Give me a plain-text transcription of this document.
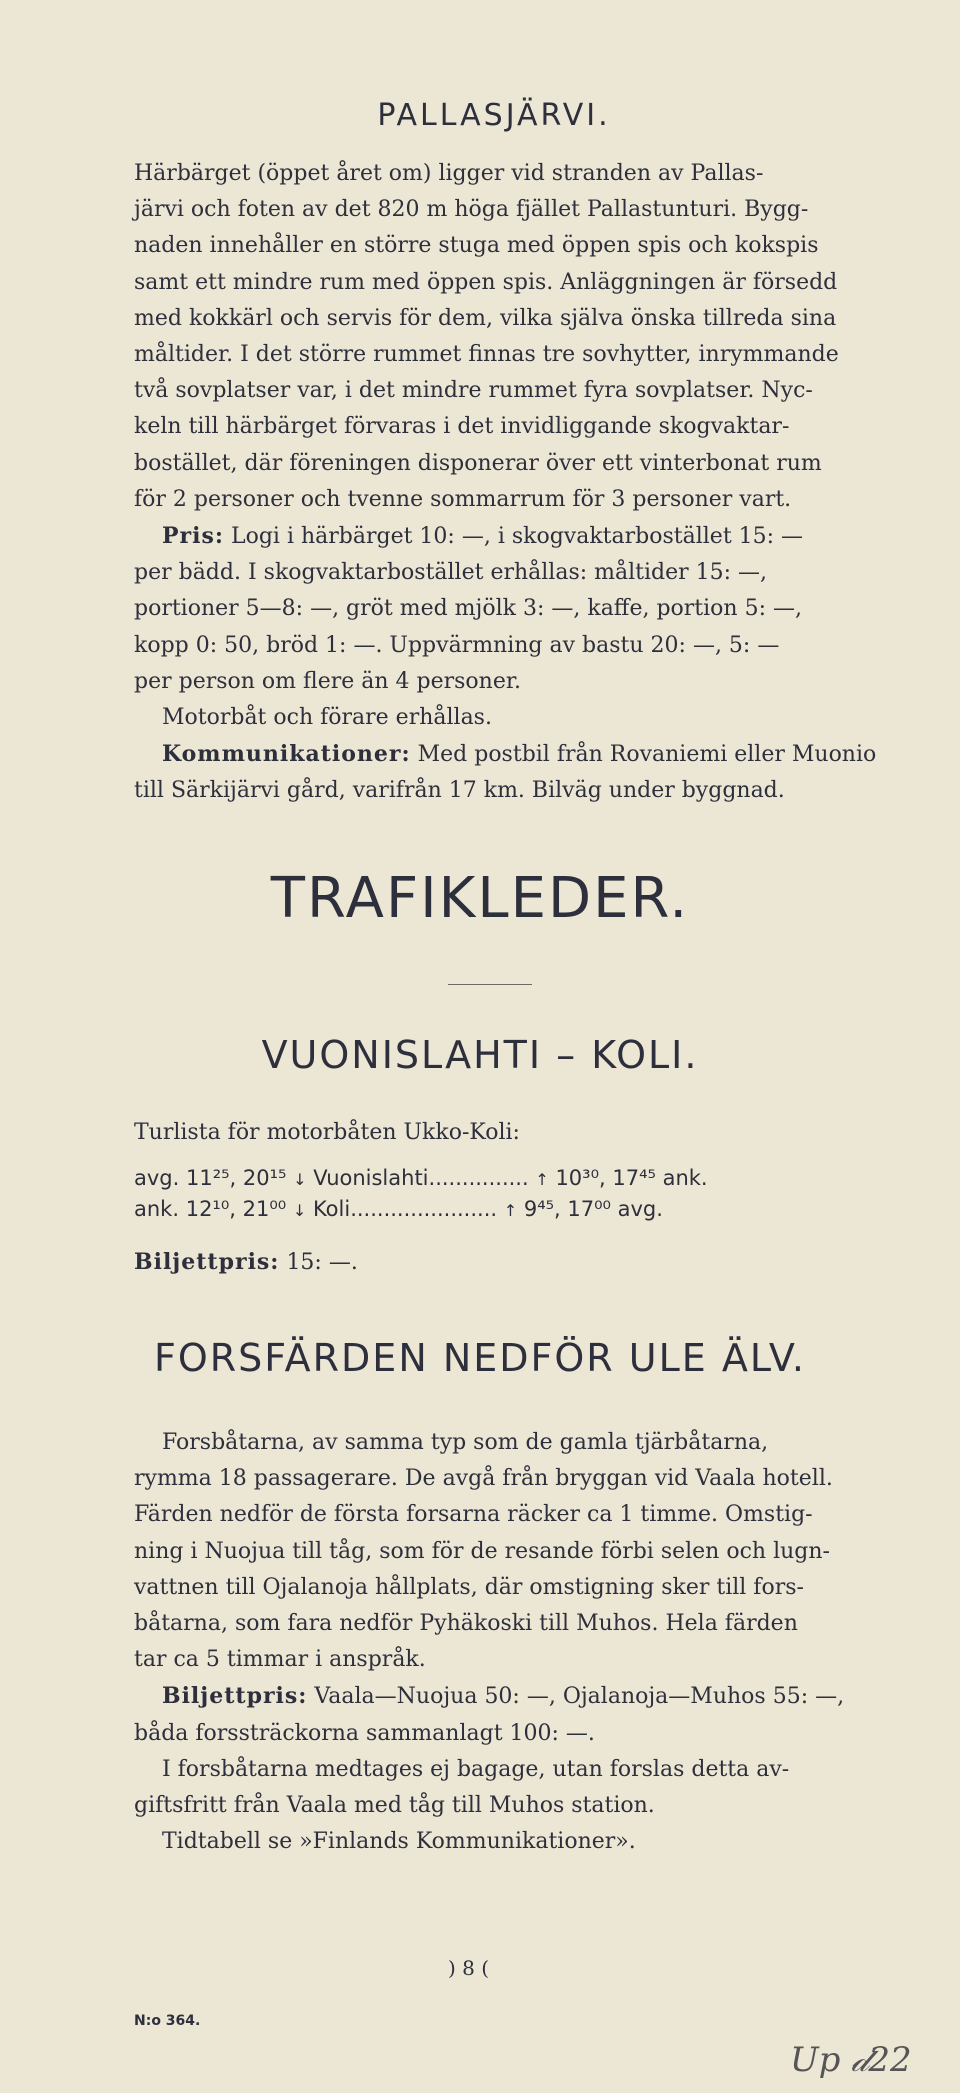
PALLASJÄRVI.
Härbärget (öppet året om) ligger vid stranden av Pallas-
järvi och foten av det 820 m höga fjället Pallastunturi. Bygg-
naden innehåller en större stuga med öppen spis och kokspis
samt ett mindre rum med öppen spis. Anläggningen är försedd
med kokkärl och servis för dem, vilka själva önska tillreda sina
måltider. I det större rummet finnas tre sovhytter, inrymmande
två sovplatser var, i det mindre rummet fyra sovplatser. Nyc-
keln till härbärget förvaras i det invidliggande skogvaktar-
bostället, där föreningen disponerar över ett vinterbonat rum
för 2 personer och tvenne sommarrum för 3 personer vart.
Pris: Logi i härbärget 10: —, i skogvaktarbostället 15: —
per bädd. I skogvaktarbostället erhållas: måltider 15: —,
portioner 5—8: —, gröt med mjölk 3: —, kaffe, portion 5: —,
kopp 0: 50, bröd 1: —. Uppvärmning av bastu 20: —, 5: —
per person om flere än 4 personer.
Motorbåt och förare erhållas.
Kommunikationer: Med postbil från Rovaniemi eller Muonio
till Särkijärvi gård, varifrån 17 km. Bilväg under byggnad.
TRAFIKLEDER.
VUONISLAHTI – KOLI.
Turlista för motorbåten Ukko-Koli:
avg. 11²⁵, 20¹⁵ ↓ Vuonislahti............... ↑ 10³⁰, 17⁴⁵ ank.
ank. 12¹⁰, 21⁰⁰ ↓ Koli...................... ↑ 9⁴⁵, 17⁰⁰ avg.
Biljettpris: 15: —.
FORSFÄRDEN NEDFÖR ULE ÄLV.
Forsbåtarna, av samma typ som de gamla tjärbåtarna,
rymma 18 passagerare. De avgå från bryggan vid Vaala hotell.
Färden nedför de första forsarna räcker ca 1 timme. Omstig-
ning i Nuojua till tåg, som för de resande förbi selen och lugn-
vattnen till Ojalanoja hållplats, där omstigning sker till fors-
båtarna, som fara nedför Pyhäkoski till Muhos. Hela färden
tar ca 5 timmar i anspråk.
Biljettpris: Vaala—Nuojua 50: —, Ojalanoja—Muhos 55: —,
båda forssträckorna sammanlagt 100: —.
I forsbåtarna medtages ej bagage, utan forslas detta av-
giftsfritt från Vaala med tåg till Muhos station.
Tidtabell se »Finlands Kommunikationer».
) 8 (
N:o 364.
Up 𝒹22
